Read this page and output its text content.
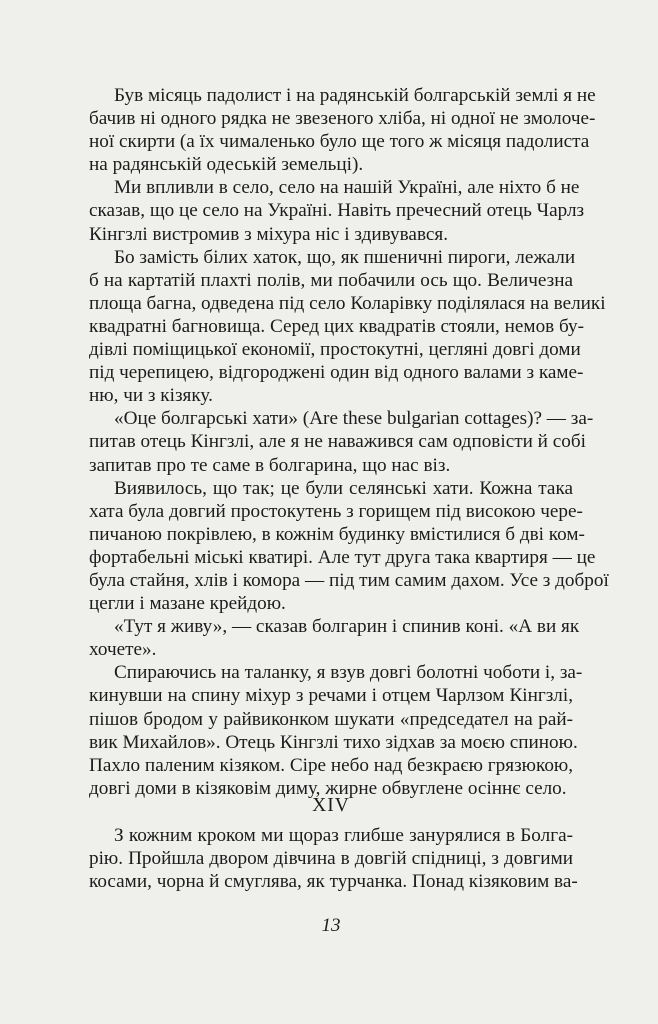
Був місяць падолист і на радянській болгарській землі я не
бачив ні одного рядка не звезеного хліба, ні одної не змолоче-
ної скирти (а їх чималенько було ще того ж місяця падолиста
на радянській одеській земельці).

Ми впливли в село, село на нашій Україні, але ніхто б не
сказав, що це село на Україні. Навіть пречесний отець Чарлз
Кінгзлі вистромив з міхура ніс і здивувався.

Бо замість білих хаток, що, як пшеничні пироги, лежали
б на картатій плахті полів, ми побачили ось що. Величезна
площа багна, одведена під село Коларівку поділялася на великі
квадратні багновища. Серед цих квадратів стояли, немов бу-
дівлі поміщицької економії, простокутні, цегляні довгі доми
під черепицею, відгороджені один від одного валами з каме-
ню, чи з кізяку.

«Оце болгарські хати» (Are these bulgarian cottages)? — за-
питав отець Кінгзлі, але я не наважився сам одповісти й собі
запитав про те саме в болгарина, що нас віз.

Виявилось, що так; це були селянські хати. Кожна така
хата була довгий простокутень з горищем під високою чере-
пичаною покрівлею, в кожнім будинку вмістилися б дві ком-
фортабельні міські кватирі. Але тут друга така квартиря — це
була стайня, хлів і комора — під тим самим дахом. Усе з доброї
цегли і мазане крейдою.

«Тут я живу», — сказав болгарин і спинив коні. «А ви як
хочете».

Спираючись на таланку, я взув довгі болотні чоботи і, за-
кинувши на спину міхур з речами і отцем Чарлзом Кінгзлі,
пішов бродом у райвиконком шукати «председател на рай-
вик Михайлов». Отець Кінгзлі тихо зідхав за моєю спиною.
Пахло паленим кізяком. Сіре небо над безкраєю грязюкою,
довгі доми в кізяковім диму, жирне обвуглене осіннє село.

XIV

З кожним кроком ми щораз глибше занурялися в Болга-
рію. Пройшла двором дівчина в довгій спідниці, з довгими
косами, чорна й смуглява, як турчанка. Понад кізяковим ва-

13
